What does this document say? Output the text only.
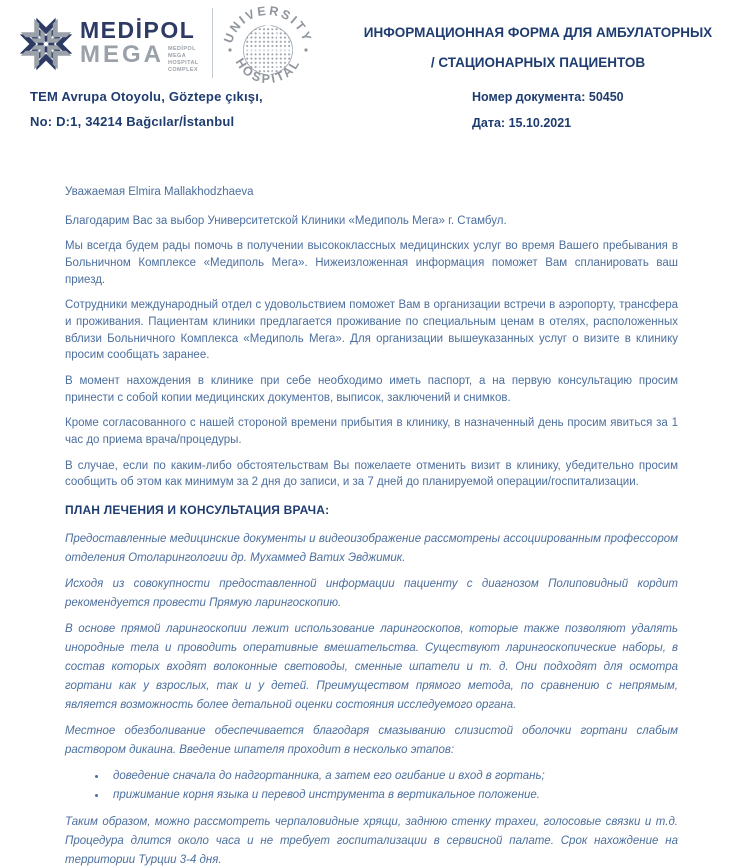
MEDİPOL
MEGA MEDİPOL MEGA HOSPITAL COMPLEX
UNIVERSITY
HOSPITAL
TEM Avrupa Otoyolu, Göztepe çıkışı,
No: D:1, 34214 Bağcılar/İstanbul
ИНФОРМАЦИОННАЯ ФОРМА ДЛЯ АМБУЛАТОРНЫХ
/ СТАЦИОНАРНЫХ ПАЦИЕНТОВ
Номер документа: 50450
Дата: 15.10.2021

Уважаемая Elmira Mallakhodzhaeva

Благодарим Вас за выбор Университетской Клиники «Медиполь Мега» г. Стамбул.

Мы всегда будем рады помочь в получении высококлассных медицинских услуг во время Вашего пребывания в Больничном Комплексе «Медиполь Мега». Нижеизложенная информация поможет Вам спланировать ваш приезд.

Сотрудники международный отдел с удовольствием поможет Вам в организации встречи в аэропорту, трансфера и проживания. Пациентам клиники предлагается проживание по специальным ценам в отелях, расположенных вблизи Больничного Комплекса «Медиполь Мега». Для организации вышеуказанных услуг о визите в клинику просим сообщать заранее.

В момент нахождения в клинике при себе необходимо иметь паспорт, а на первую консультацию просим принести с собой копии медицинских документов, выписок, заключений и снимков.

Кроме согласованного с нашей стороной времени прибытия в клинику, в назначенный день просим явиться за 1 час до приема врача/процедуры.

В случае, если по каким-либо обстоятельствам Вы пожелаете отменить визит в клинику, убедительно просим сообщить об этом как минимум за 2 дня до записи, и за 7 дней до планируемой операции/госпитализации.

ПЛАН ЛЕЧЕНИЯ И КОНСУЛЬТАЦИЯ ВРАЧА:

Предоставленные медицинские документы и видеоизображение рассмотрены ассоциированным профессором отделения Отоларингологии др. Мухаммед Ватих Эвджимик.

Исходя из совокупности предоставленной информации пациенту с диагнозом Полиповидный кордит рекомендуется провести Прямую ларингоскопию.

В основе прямой ларингоскопии лежит использование ларингоскопов, которые также позволяют удалять инородные тела и проводить оперативные вмешательства. Существуют ларингоскопические наборы, в состав которых входят волоконные световоды, сменные шпатели и т. д. Они подходят для осмотра гортани как у взрослых, так и у детей. Преимуществом прямого метода, по сравнению с непрямым, является возможность более детальной оценки состояния исследуемого органа.

Местное обезболивание обеспечивается благодаря смазыванию слизистой оболочки гортани слабым раствором дикаина. Введение шпателя проходит в несколько этапов:

• доведение сначала до надгортанника, а затем его огибание и вход в гортань;
• прижимание корня языка и перевод инструмента в вертикальное положение.

Таким образом, можно рассмотреть черпаловидные хрящи, заднюю стенку трахеи, голосовые связки и т.д. Процедура длится около часа и не требует госпитализации в сервисной палате. Срок нахождение на территории Турции 3-4 дня.
